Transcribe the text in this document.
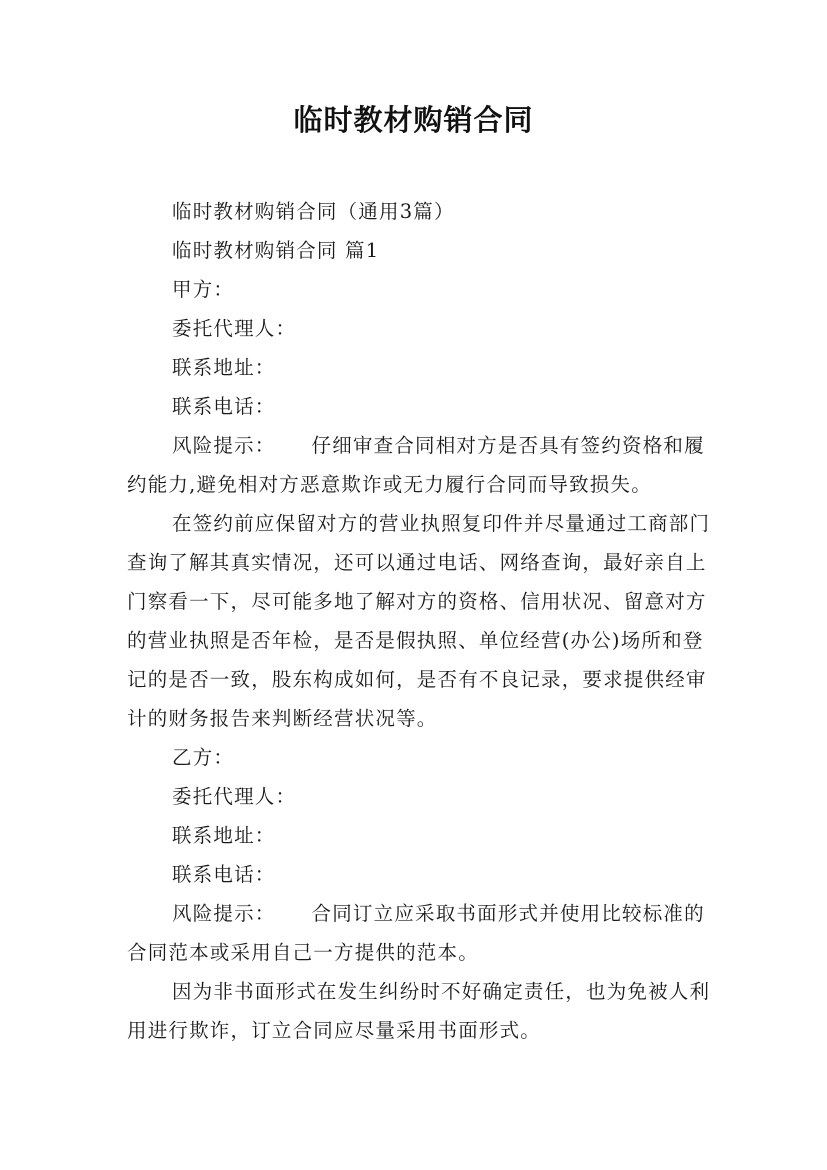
临时教材购销合同

临时教材购销合同（通用3篇）

临时教材购销合同 篇1

甲方：

委托代理人：

联系地址：

联系电话：

风险提示： 仔细审查合同相对方是否具有签约资格和履约能力,避免相对方恶意欺诈或无力履行合同而导致损失。

在签约前应保留对方的营业执照复印件并尽量通过工商部门查询了解其真实情况，还可以通过电话、网络查询，最好亲自上门察看一下，尽可能多地了解对方的资格、信用状况、留意对方的营业执照是否年检，是否是假执照、单位经营(办公)场所和登记的是否一致，股东构成如何，是否有不良记录，要求提供经审计的财务报告来判断经营状况等。

乙方：

委托代理人：

联系地址：

联系电话：

风险提示： 合同订立应采取书面形式并使用比较标准的合同范本或采用自己一方提供的范本。

因为非书面形式在发生纠纷时不好确定责任，也为免被人利用进行欺诈，订立合同应尽量采用书面形式。
